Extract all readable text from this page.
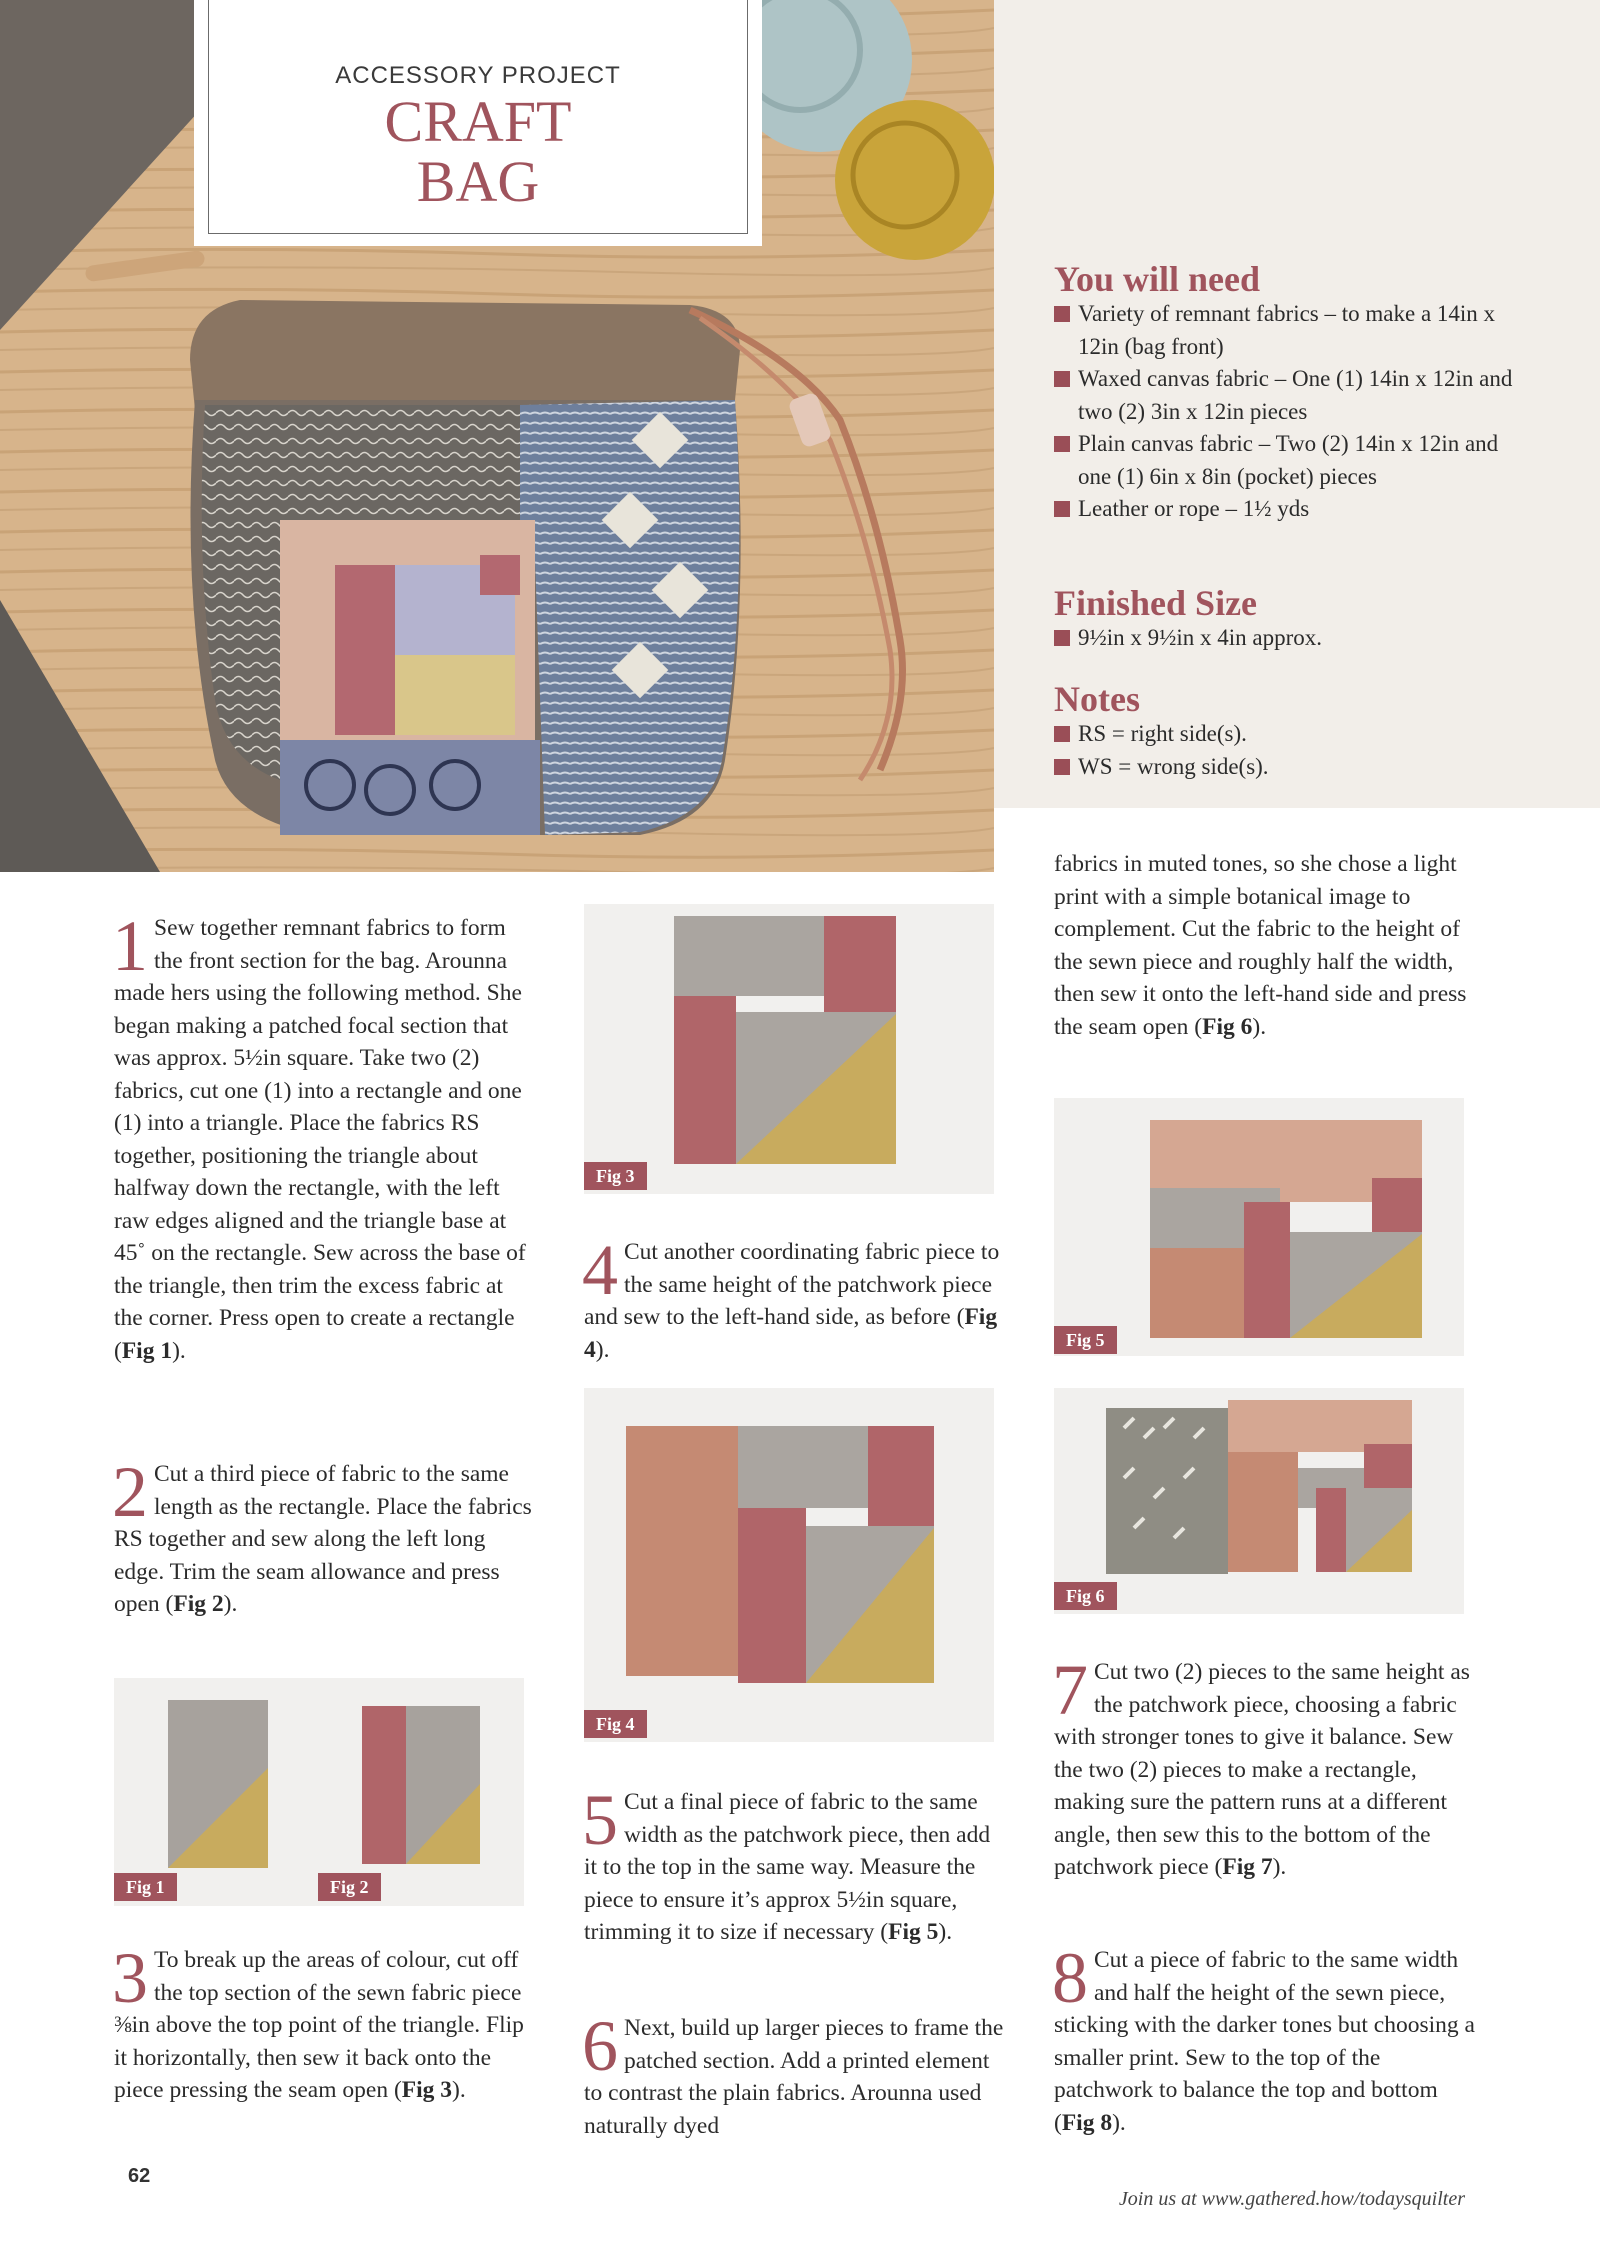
ACCESSORY PROJECT
CRAFT
BAG
You will need
Variety of remnant fabrics – to make a 14in x 12in (bag front)
Waxed canvas fabric – One (1) 14in x 12in and two (2) 3in x 12in pieces
Plain canvas fabric – Two (2) 14in x 12in and one (1) 6in x 8in (pocket) pieces
Leather or rope – 1½ yds
Finished Size
9½in x 9½in x 4in approx.
Notes
RS = right side(s).
WS = wrong side(s).

1 Sew together remnant fabrics to form the front section for the bag. Arounna made hers using the following method. She began making a patched focal section that was approx. 5½in square. Take two (2) fabrics, cut one (1) into a rectangle and one (1) into a triangle. Place the fabrics RS together, positioning the triangle about halfway down the rectangle, with the left raw edges aligned and the triangle base at 45˚ on the rectangle. Sew across the base of the triangle, then trim the excess fabric at the corner. Press open to create a rectangle (Fig 1).

2 Cut a third piece of fabric to the same length as the rectangle. Place the fabrics RS together and sew along the left long edge. Trim the seam allowance and press open (Fig 2).

Fig 1	Fig 2

3 To break up the areas of colour, cut off the top section of the sewn fabric piece ⅜in above the top point of the triangle. Flip it horizontally, then sew it back onto the piece pressing the seam open (Fig 3).

Fig 3

4 Cut another coordinating fabric piece to the same height of the patchwork piece and sew to the left-hand side, as before (Fig 4).

Fig 4

5 Cut a final piece of fabric to the same width as the patchwork piece, then add it to the top in the same way. Measure the piece to ensure it’s approx 5½in square, trimming it to size if necessary (Fig 5).

6 Next, build up larger pieces to frame the patched section. Add a printed element to contrast the plain fabrics. Arounna used naturally dyed

fabrics in muted tones, so she chose a light print with a simple botanical image to complement. Cut the fabric to the height of the sewn piece and roughly half the width, then sew it onto the left-hand side and press the seam open (Fig 6).

Fig 5
Fig 6

7 Cut two (2) pieces to the same height as the patchwork piece, choosing a fabric with stronger tones to give it balance. Sew the two (2) pieces to make a rectangle, making sure the pattern runs at a different angle, then sew this to the bottom of the patchwork piece (Fig 7).

8 Cut a piece of fabric to the same width and half the height of the sewn piece, sticking with the darker tones but choosing a smaller print. Sew to the top of the patchwork to balance the top and bottom (Fig 8).

62
Join us at www.gathered.how/todaysquilter
